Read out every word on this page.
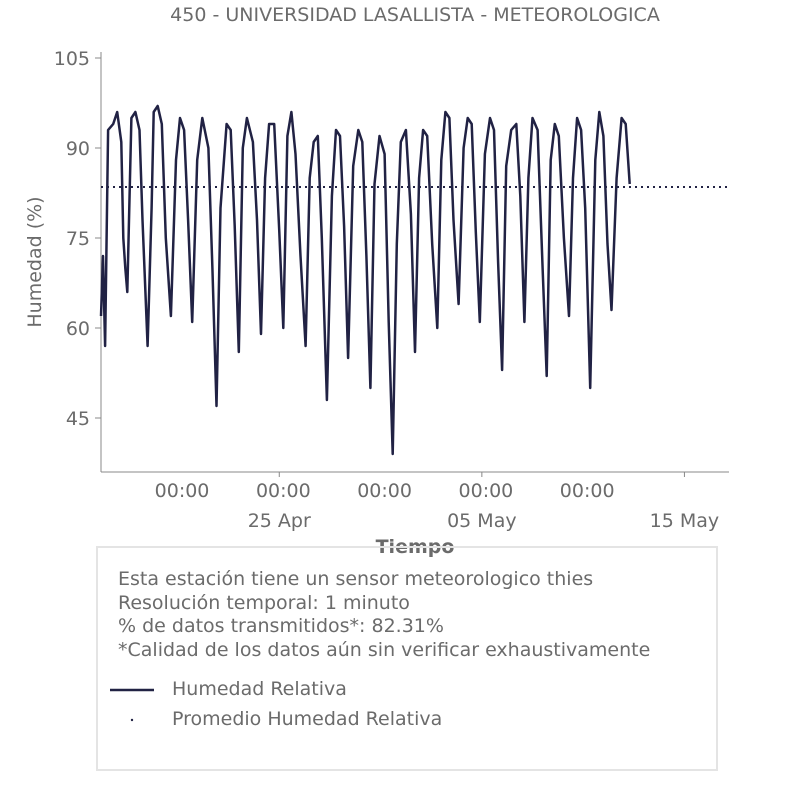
450 - UNIVERSIDAD LASALLISTA - METEOROLOGICA
45
60
75
90
105
00:00 00:00 00:00 00:00 00:00
25 Apr	05 May	15 May
Humedad (%)
Tiempo
Esta estación tiene un sensor meteorologico thies
Resolución temporal: 1 minuto
% de datos transmitidos*: 82.31%
*Calidad de los datos aún sin verificar exhaustivamente
Humedad Relativa
Promedio Humedad Relativa
